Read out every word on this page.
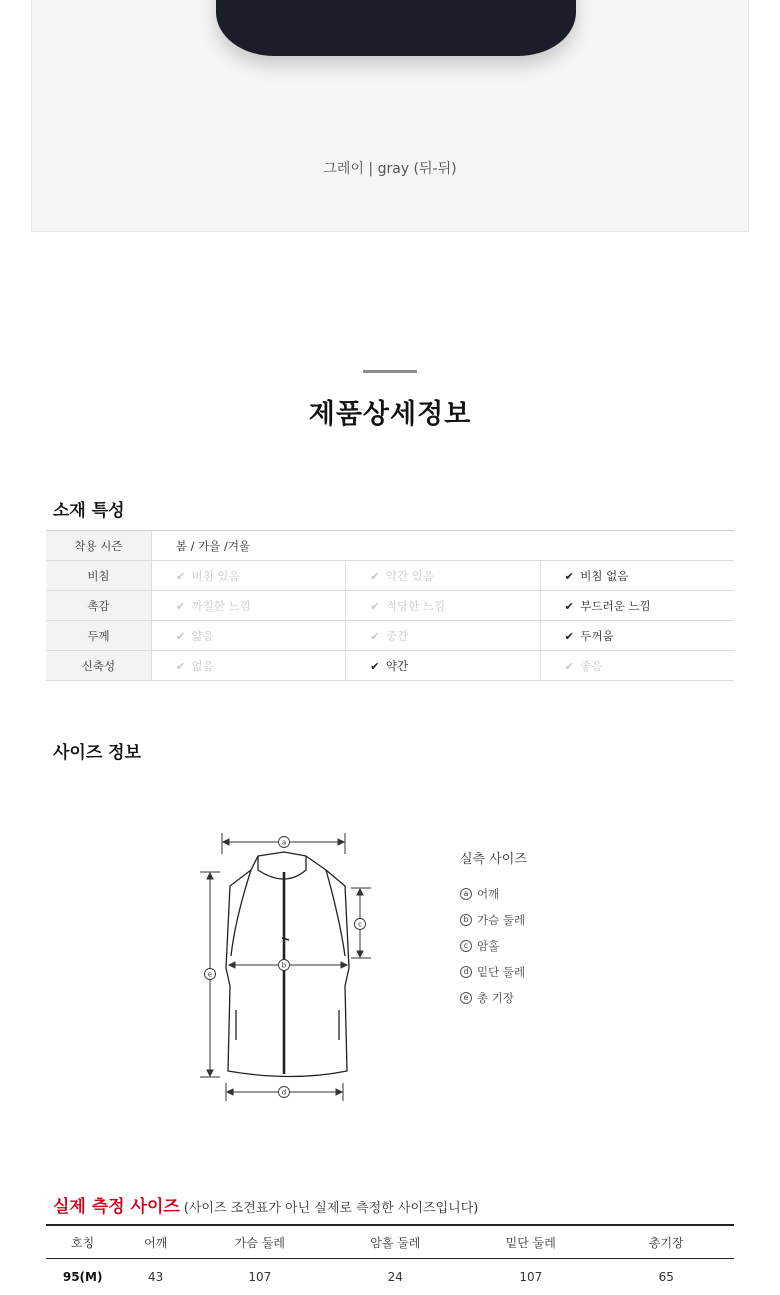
그레이 | gray (뒤-뒤)
제품상세정보
소재 특성
착용 시즌	봄 / 가을 /겨울		
비침	✔ 비침 있음	✔ 약간 있음	✔ 비침 없음
촉감	✔ 까칠한 느낌	✔ 적당한 느낌	✔ 부드러운 느낌
두께	✔ 얇음	✔ 중간	✔ 두꺼움
신축성	✔ 없음	✔ 약간	✔ 좋음
사이즈 정보
a
b
c
d
e
실측 사이즈
a 어깨
b 가슴 둘레
c 암홀
d 밑단 둘레
e 총 기장
실제 측정 사이즈 (사이즈 조견표가 아닌 실제로 측정한 사이즈입니다)
호칭	어깨	가슴 둘레	암홀 둘레	밑단 둘레	총기장
95(M)	43	107	24	107	65
